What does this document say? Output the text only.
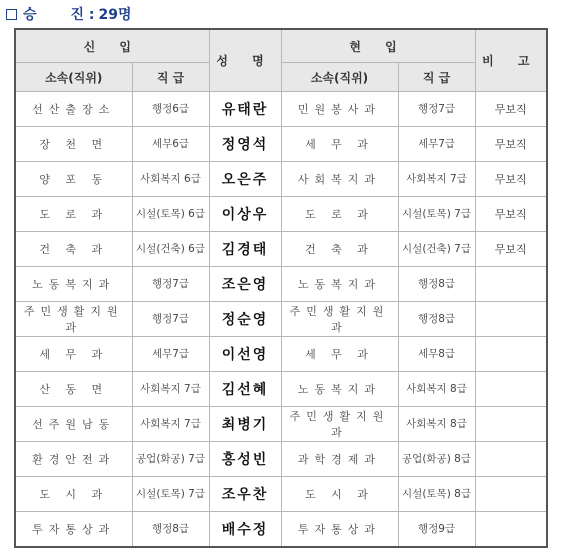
승 진 : 29명
신 입		성 명	현 입		비 고
소속(직위)	직 급		소속(직위)	직 급	
선산출장소	행정6급	유태란	민원봉사과	행정7급	무보직
장 천 면	세무6급	정영석	세 무 과	세무7급	무보직
양 포 동	사회복지 6급	오은주	사회복지과	사회복지 7급	무보직
도 로 과	시설(토목) 6급	이상우	도 로 과	시설(토목) 7급	무보직
건 축 과	시설(건축) 6급	김경태	건 축 과	시설(건축) 7급	무보직
노동복지과	행정7급	조은영	노동복지과	행정8급	
주민생활지원과	행정7급	정순영	주민생활지원과	행정8급	
세 무 과	세무7급	이선영	세 무 과	세무8급	
산 동 면	사회복지 7급	김선혜	노동복지과	사회복지 8급	
선주원남동	사회복지 7급	최병기	주민생활지원과	사회복지 8급	
환경안전과	공업(화공) 7급	홍성빈	과학경제과	공업(화공) 8급	
도 시 과	시설(토목) 7급	조우찬	도 시 과	시설(토목) 8급	
투자통상과	행정8급	배수정	투자통상과	행정9급	
